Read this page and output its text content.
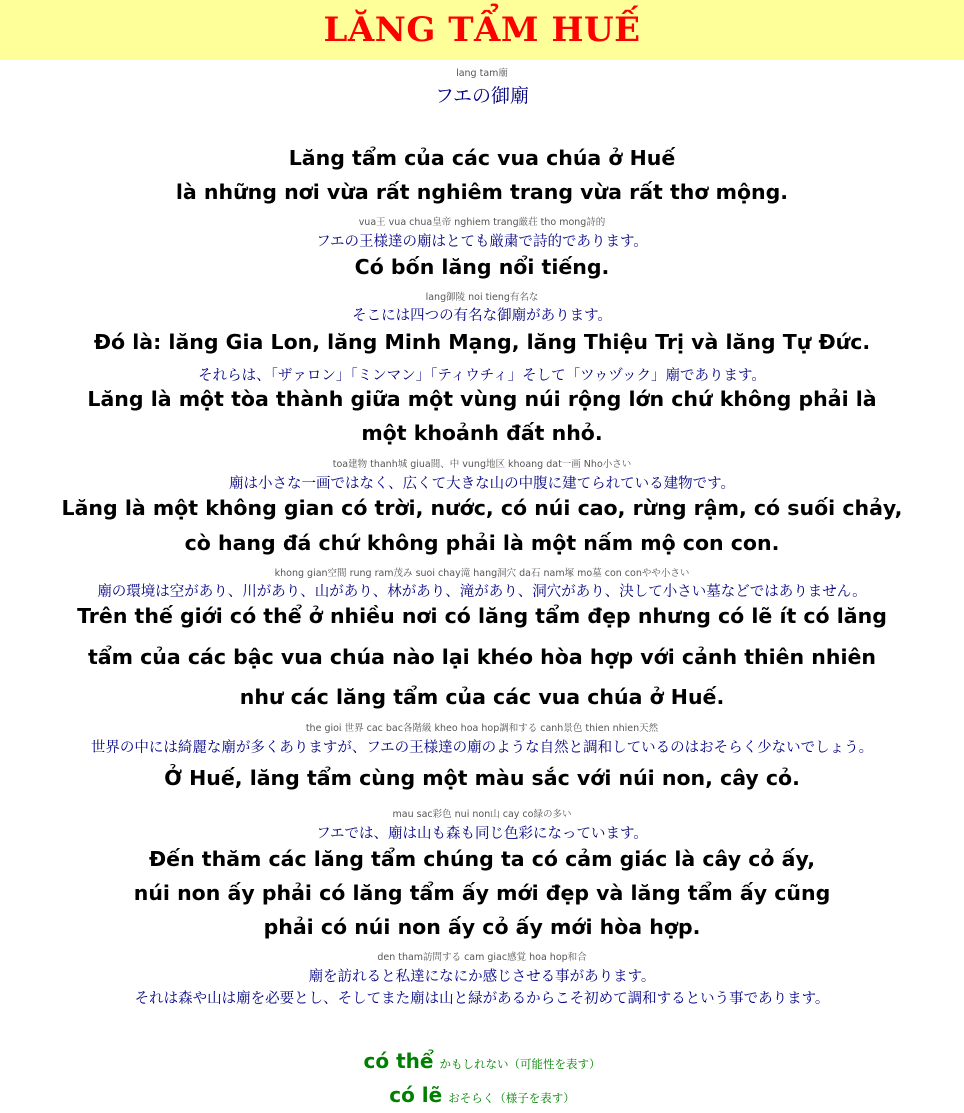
LĂNG TẨM HUẾ
lang tam廟
フエの御廟
Lăng tẩm của các vua chúa ở Huế
là những nơi vừa rất nghiêm trang vừa rất thơ mộng.
vua王 vua chua皇帝 nghiem trang厳荘 tho mong詩的
フエの王様達の廟はとても厳粛で詩的であります。
Có bốn lăng nổi tiếng.
lang御陵 noi tieng有名な
そこには四つの有名な御廟があります。
Đó là: lăng Gia Lon, lăng Minh Mạng, lăng Thiệu Trị và lăng Tự Đức.
それらは、「ザァロン」「ミンマン」「ティウチィ」そして「ツゥヅック」廟であります。
Lăng là một tòa thành giữa một vùng núi rộng lớn chứ không phải là
một khoảnh đất nhỏ.
toa建物 thanh城 giua間、中 vung地区 khoang dat一画 Nho小さい
廟は小さな一画ではなく、広くて大きな山の中腹に建てられている建物です。
Lăng là một không gian có trời, nước, có núi cao, rừng rậm, có suối chảy,
cò hang đá chứ không phải là một nấm mộ con con.
khong gian空間 rung ram茂み suoi chay滝 hang洞穴 da石 nam塚 mo墓 con conやや小さい
廟の環境は空があり、川があり、山があり、林があり、滝があり、洞穴があり、決して小さい墓などではありません。
Trên thế giới có thể ở nhiều nơi có lăng tẩm đẹp nhưng có lẽ ít có lăng
tẩm của các bậc vua chúa nào lại khéo hòa hợp với cảnh thiên nhiên
như các lăng tẩm của các vua chúa ở Huế.
the gioi 世界 cac bac各階級 kheo hoa hop調和する canh景色 thien nhien天然
世界の中には綺麗な廟が多くありますが、フエの王様達の廟のような自然と調和しているのはおそらく少ないでしょう。
Ở Huế, lăng tẩm cùng một màu sắc với núi non, cây cỏ.
mau sac彩色 nui non山 cay co緑の多い
フエでは、廟は山も森も同じ色彩になっています。
Đến thăm các lăng tẩm chúng ta có cảm giác là cây cỏ ấy,
núi non ấy phải có lăng tẩm ấy mới đẹp và lăng tẩm ấy cũng
phải có núi non ấy cỏ ấy mới hòa hợp.
den tham訪問する cam giac感覚 hoa hop和合
廟を訪れると私達になにか感じさせる事があります。
それは森や山は廟を必要とし、そしてまた廟は山と緑があるからこそ初めて調和するという事であります。
có thể かもしれない（可能性を表す）
có lẽ おそらく（様子を表す）
